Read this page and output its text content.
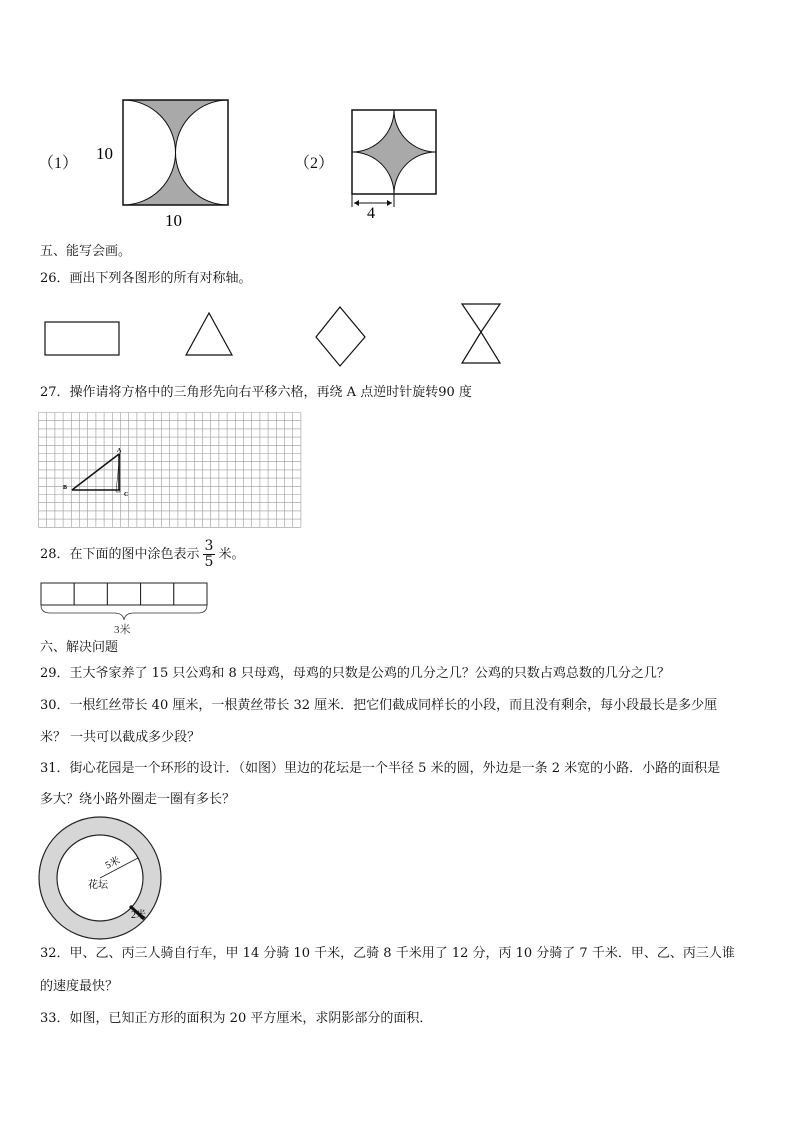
（1）
10
10
（2）
4
五、能写会画。
26．画出下列各图形的所有对称轴。
27．操作请将方格中的三角形先向右平移六格，再绕 A 点逆时针旋转90 度
A
B
C
28．在下面的图中涂色表示 $\frac{3}{5}$ 米。
3米
六、解决问题
29．王大爷家养了 15 只公鸡和 8 只母鸡，母鸡的只数是公鸡的几分之几？公鸡的只数占鸡总数的几分之几？
30．一根红丝带长 40 厘米，一根黄丝带长 32 厘米．把它们截成同样长的小段，而且没有剩余，每小段最长是多少厘
米？ 一共可以截成多少段？
31．街心花园是一个环形的设计．（如图）里边的花坛是一个半径 5 米的圆，外边是一条 2 米宽的小路．小路的面积是
多大？绕小路外圈走一圈有多长？
5米
花坛
2米
32．甲、乙、丙三人骑自行车，甲 14 分骑 10 千米，乙骑 8 千米用了 12 分，丙 10 分骑了 7 千米．甲、乙、丙三人谁
的速度最快？
33．如图，已知正方形的面积为 20 平方厘米，求阴影部分的面积．
